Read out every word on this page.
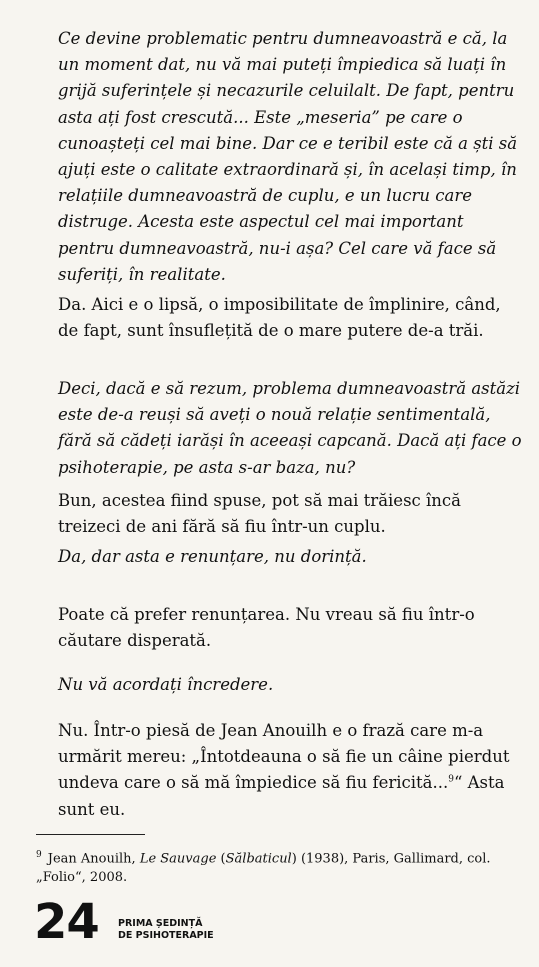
Ce devine problematic pentru dumneavoastră e că, la un moment dat, nu vă mai puteți împiedica să luați în grijă suferințele și necazurile celuilalt. De fapt, pentru asta ați fost crescută... Este „meseria” pe care o cunoașteți cel mai bine. Dar ce e teribil este că a ști să ajuți este o calitate extraordinară și, în același timp, în relațiile dumneavoastră de cuplu, e un lucru care distruge. Acesta este aspectul cel mai important pentru dumneavoastră, nu-i așa? Cel care vă face să suferiți, în realitate.

Da. Aici e o lipsă, o imposibilitate de împlinire, când, de fapt, sunt însuflețită de o mare putere de-a trăi.

Deci, dacă e să rezum, problema dumneavoastră astăzi este de-a reuși să aveți o nouă relație sentimentală, fără să cădeți iarăși în aceeași capcană. Dacă ați face o psihoterapie, pe asta s-ar baza, nu?

Bun, acestea fiind spuse, pot să mai trăiesc încă treizeci de ani fără să fiu într-un cuplu.

Da, dar asta e renunțare, nu dorință.

Poate că prefer renunțarea. Nu vreau să fiu într-o căutare disperată.

Nu vă acordați încredere.

Nu. Într-o piesă de Jean Anouilh e o frază care m-a urmărit mereu: „Întotdeauna o să fie un câine pierdut undeva care o să mă împiedice să fiu fericită...$^9$“ Asta sunt eu.

$^9$ Jean Anouilh, Le Sauvage (Sălbaticul) (1938), Paris, Gallimard, col. „Folio“, 2008.

24 PRIMA ȘEDINȚĂ
DE PSIHOTERAPIE
